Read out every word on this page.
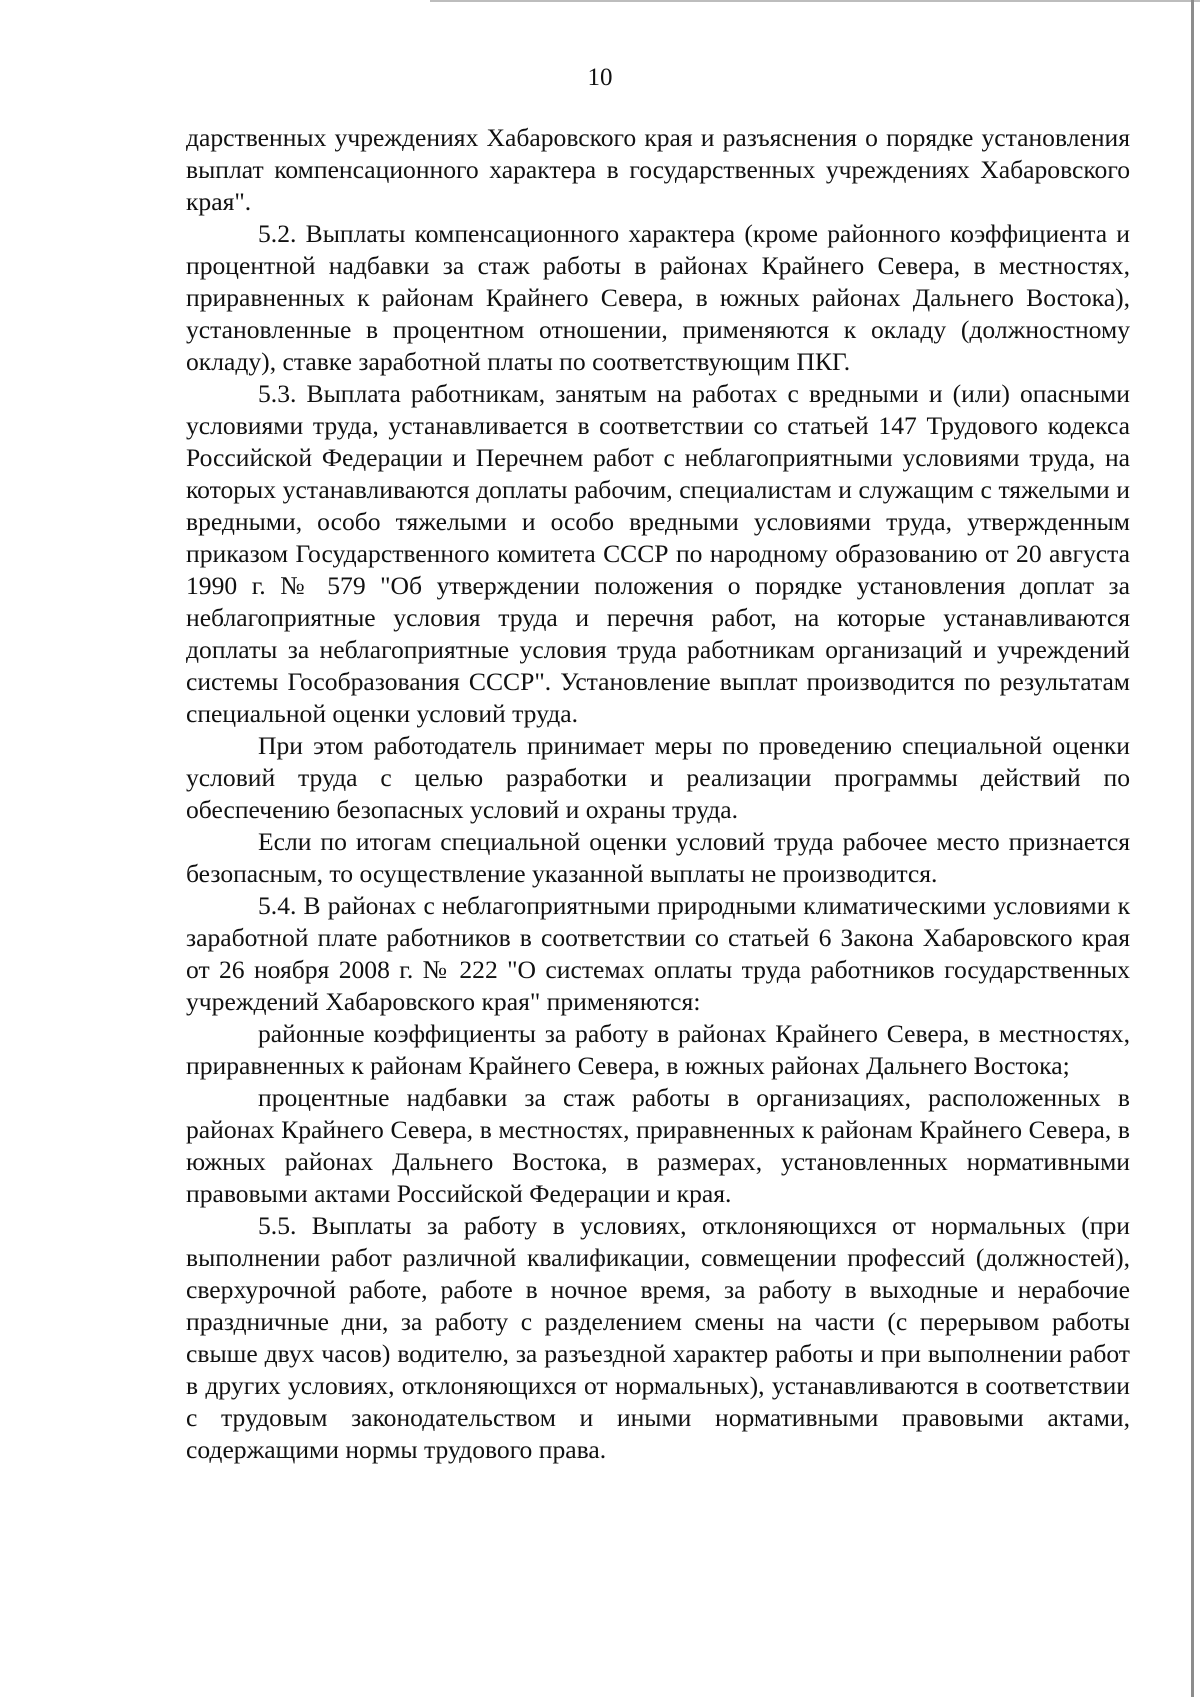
10

дарственных учреждениях Хабаровского края и разъяснения о порядке установления выплат компенсационного характера в государственных учреждениях Хабаровского края".

5.2. Выплаты компенсационного характера (кроме районного коэффициента и процентной надбавки за стаж работы в районах Крайнего Севера, в местностях, приравненных к районам Крайнего Севера, в южных районах Дальнего Востока), установленные в процентном отношении, применяются к окладу (должностному окладу), ставке заработной платы по соответствующим ПКГ.

5.3. Выплата работникам, занятым на работах с вредными и (или) опасными условиями труда, устанавливается в соответствии со статьей 147 Трудового кодекса Российской Федерации и Перечнем работ с неблагоприятными условиями труда, на которых устанавливаются доплаты рабочим, специалистам и служащим с тяжелыми и вредными, особо тяжелыми и особо вредными условиями труда, утвержденным приказом Государственного комитета СССР по народному образованию от 20 августа 1990 г. № 579 "Об утверждении положения о порядке установления доплат за неблагоприятные условия труда и перечня работ, на которые устанавливаются доплаты за неблагоприятные условия труда работникам организаций и учреждений системы Гособразования СССР". Установление выплат производится по результатам специальной оценки условий труда.

При этом работодатель принимает меры по проведению специальной оценки условий труда с целью разработки и реализации программы действий по обеспечению безопасных условий и охраны труда.

Если по итогам специальной оценки условий труда рабочее место признается безопасным, то осуществление указанной выплаты не производится.

5.4. В районах с неблагоприятными природными климатическими условиями к заработной плате работников в соответствии со статьей 6 Закона Хабаровского края от 26 ноября 2008 г. № 222 "О системах оплаты труда работников государственных учреждений Хабаровского края" применяются:

районные коэффициенты за работу в районах Крайнего Севера, в местностях, приравненных к районам Крайнего Севера, в южных районах Дальнего Востока;

процентные надбавки за стаж работы в организациях, расположенных в районах Крайнего Севера, в местностях, приравненных к районам Крайнего Севера, в южных районах Дальнего Востока, в размерах, установленных нормативными правовыми актами Российской Федерации и края.

5.5. Выплаты за работу в условиях, отклоняющихся от нормальных (при выполнении работ различной квалификации, совмещении профессий (должностей), сверхурочной работе, работе в ночное время, за работу в выходные и нерабочие праздничные дни, за работу с разделением смены на части (с перерывом работы свыше двух часов) водителю, за разъездной характер работы и при выполнении работ в других условиях, отклоняющихся от нормальных), устанавливаются в соответствии с трудовым законодательством и иными нормативными правовыми актами, содержащими нормы трудового права.
